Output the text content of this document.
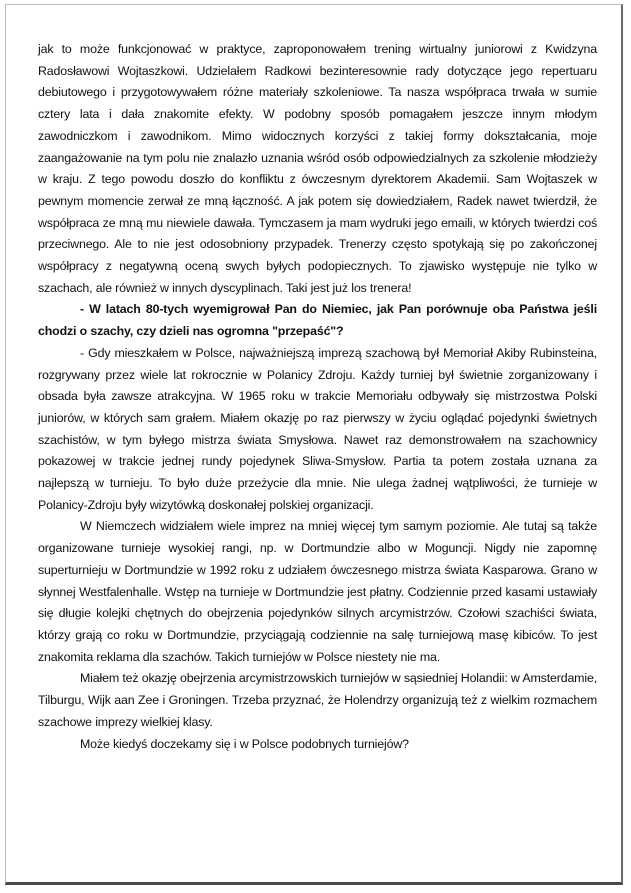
jak to może funkcjonować w praktyce, zaproponowałem trening wirtualny juniorowi z Kwidzyna Radosławowi Wojtaszkowi. Udzielałem Radkowi bezinteresownie rady dotyczące jego repertuaru debiutowego i przygotowywałem różne materiały szkoleniowe. Ta nasza współpraca trwała w sumie cztery lata i dała znakomite efekty. W podobny sposób pomagałem jeszcze innym młodym zawodniczkom i zawodnikom. Mimo widocznych korzyści z takiej formy dokształcania, moje zaangażowanie na tym polu nie znalazło uznania wśród osób odpowiedzialnych za szkolenie młodzieży w kraju. Z tego powodu doszło do konfliktu z ówczesnym dyrektorem Akademii. Sam Wojtaszek w pewnym momencie zerwał ze mną łączność. A jak potem się dowiedziałem, Radek nawet twierdził, że współpraca ze mną mu niewiele dawała. Tymczasem ja mam wydruki jego emaili, w których twierdzi coś przeciwnego. Ale to nie jest odosobniony przypadek. Trenerzy często spotykają się po zakończonej współpracy z negatywną oceną swych byłych podopiecznych. To zjawisko występuje nie tylko w szachach, ale również w innych dyscyplinach. Taki jest już los trenera!

- W latach 80-tych wyemigrował Pan do Niemiec, jak Pan porównuje oba Państwa jeśli chodzi o szachy, czy dzieli nas ogromna "przepaść"?

- Gdy mieszkałem w Polsce, najważniejszą imprezą szachową był Memoriał Akiby Rubinsteina, rozgrywany przez wiele lat rokrocznie w Polanicy Zdroju. Każdy turniej był świetnie zorganizowany i obsada była zawsze atrakcyjna. W 1965 roku w trakcie Memoriału odbywały się mistrzostwa Polski juniorów, w których sam grałem. Miałem okazję po raz pierwszy w życiu oglądać pojedynki świetnych szachistów, w tym byłego mistrza świata Smysłowa. Nawet raz demonstrowałem na szachownicy pokazowej w trakcie jednej rundy pojedynek Sliwa-Smysłow. Partia ta potem została uznana za najlepszą w turnieju. To było duże przeżycie dla mnie. Nie ulega żadnej wątpliwości, że turnieje w Polanicy-Zdroju były wizytówką doskonałej polskiej organizacji.

W Niemczech widziałem wiele imprez na mniej więcej tym samym poziomie. Ale tutaj są także organizowane turnieje wysokiej rangi, np. w Dortmundzie albo w Moguncji. Nigdy nie zapomnę superturnieju w Dortmundzie w 1992 roku z udziałem ówczesnego mistrza świata Kasparowa. Grano w słynnej Westfalenhalle. Wstęp na turnieje w Dortmundzie jest płatny. Codziennie przed kasami ustawiały się długie kolejki chętnych do obejrzenia pojedynków silnych arcymistrzów. Czołowi szachiści świata, którzy grają co roku w Dortmundzie, przyciągają codziennie na salę turniejową masę kibiców. To jest znakomita reklama dla szachów. Takich turniejów w Polsce niestety nie ma.

Miałem też okazję obejrzenia arcymistrzowskich turniejów w sąsiedniej Holandii: w Amsterdamie, Tilburgu, Wijk aan Zee i Groningen. Trzeba przyznać, że Holendrzy organizują też z wielkim rozmachem szachowe imprezy wielkiej klasy.

Może kiedyś doczekamy się i w Polsce podobnych turniejów?
